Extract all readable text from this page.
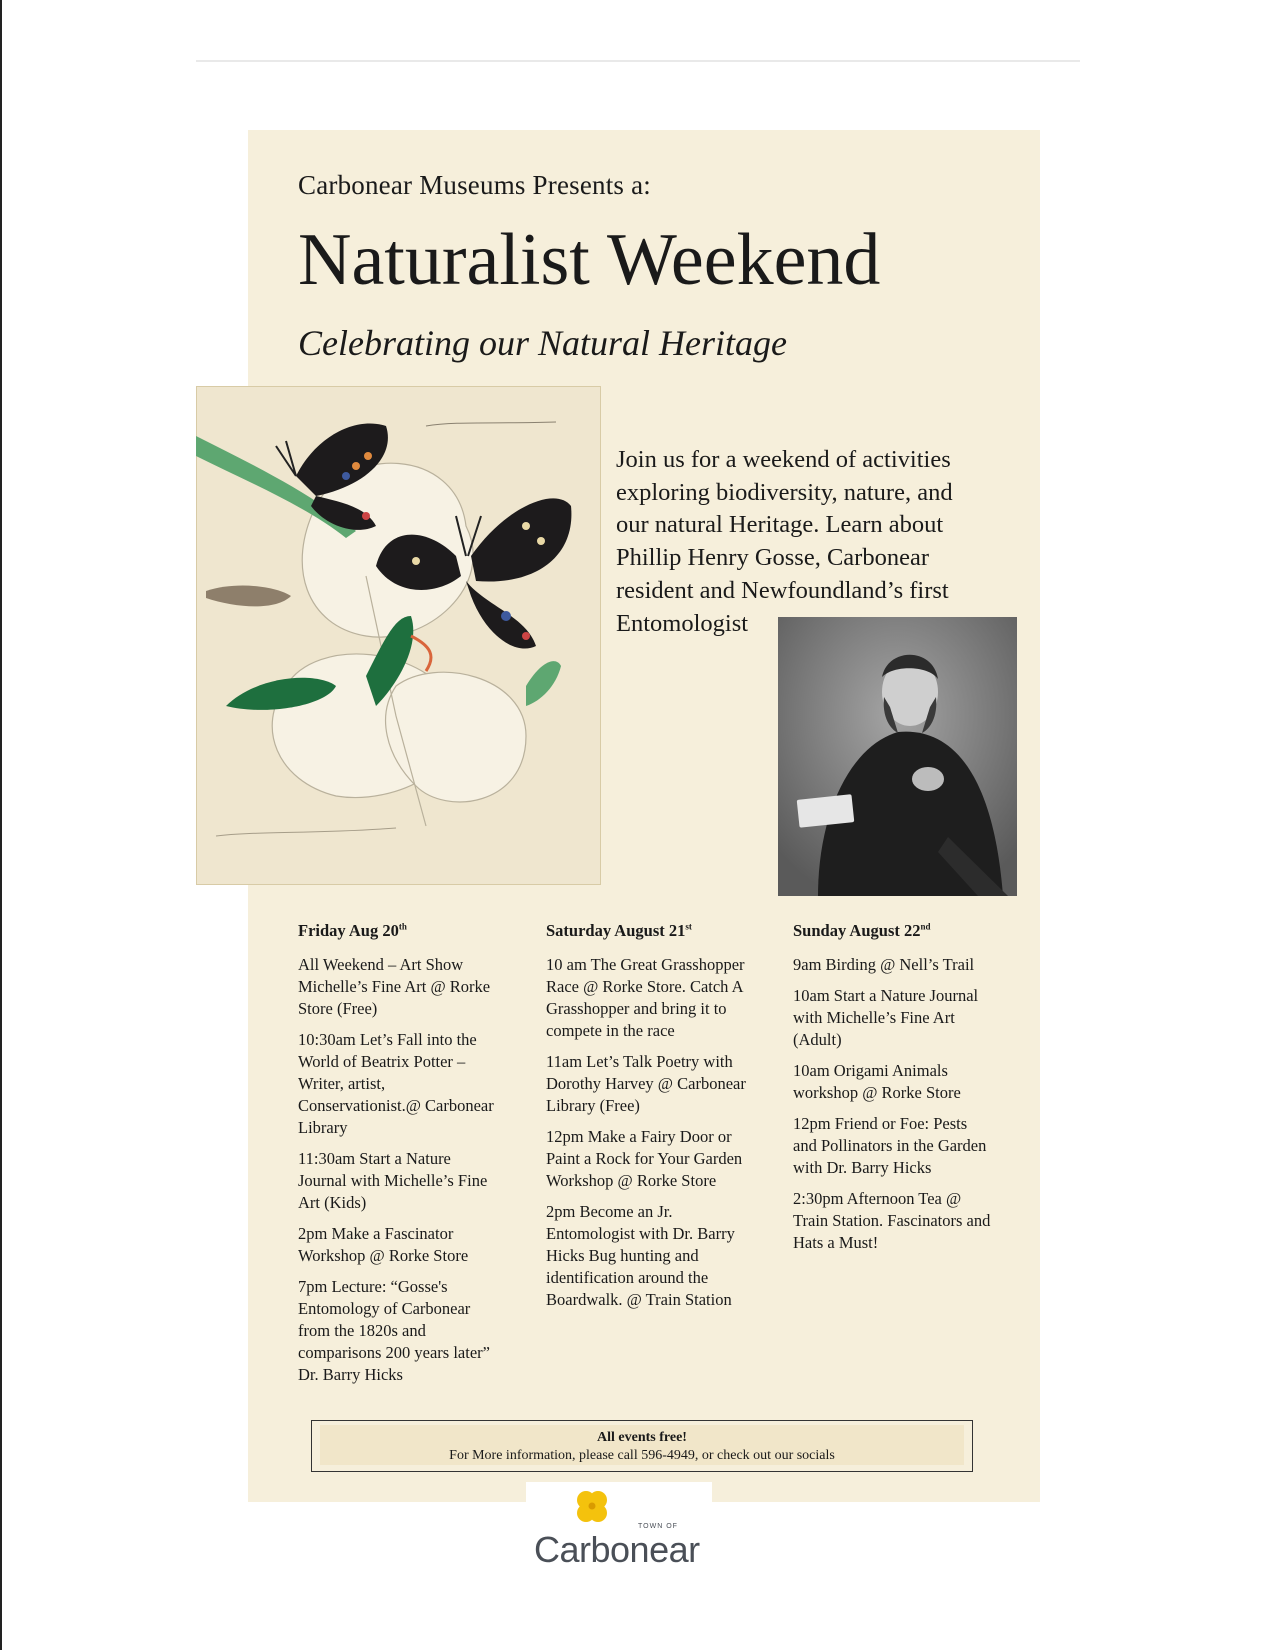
Carbonear Museums Presents a:
Naturalist Weekend
Celebrating our Natural Heritage
Join us for a weekend of activities exploring biodiversity, nature, and our natural Heritage. Learn about Phillip Henry Gosse, Carbonear resident and Newfoundland’s first Entomologist
Friday Aug 20th
All Weekend – Art Show Michelle’s Fine Art @ Rorke Store (Free)
10:30am Let’s Fall into the World of Beatrix Potter – Writer, artist, Conservationist.@ Carbonear Library
11:30am Start a Nature Journal with Michelle’s Fine Art (Kids)
2pm Make a Fascinator Workshop @ Rorke Store
7pm Lecture: “Gosse's Entomology of Carbonear from the 1820s and comparisons 200 years later” Dr. Barry Hicks
Saturday August 21st
10 am The Great Grasshopper Race @ Rorke Store. Catch A Grasshopper and bring it to compete in the race
11am Let’s Talk Poetry with Dorothy Harvey @ Carbonear Library (Free)
12pm Make a Fairy Door or Paint a Rock for Your Garden Workshop @ Rorke Store
2pm Become an Jr. Entomologist with Dr. Barry Hicks Bug hunting and identification around the Boardwalk. @ Train Station
Sunday August 22nd
9am Birding @ Nell’s Trail
10am Start a Nature Journal with Michelle’s Fine Art (Adult)
10am Origami Animals workshop @ Rorke Store
12pm Friend or Foe: Pests and Pollinators in the Garden with Dr. Barry Hicks
2:30pm Afternoon Tea @ Train Station. Fascinators and Hats a Must!
All events free!
For More information, please call 596-4949, or check out our socials
TOWN OF
Carbonear
